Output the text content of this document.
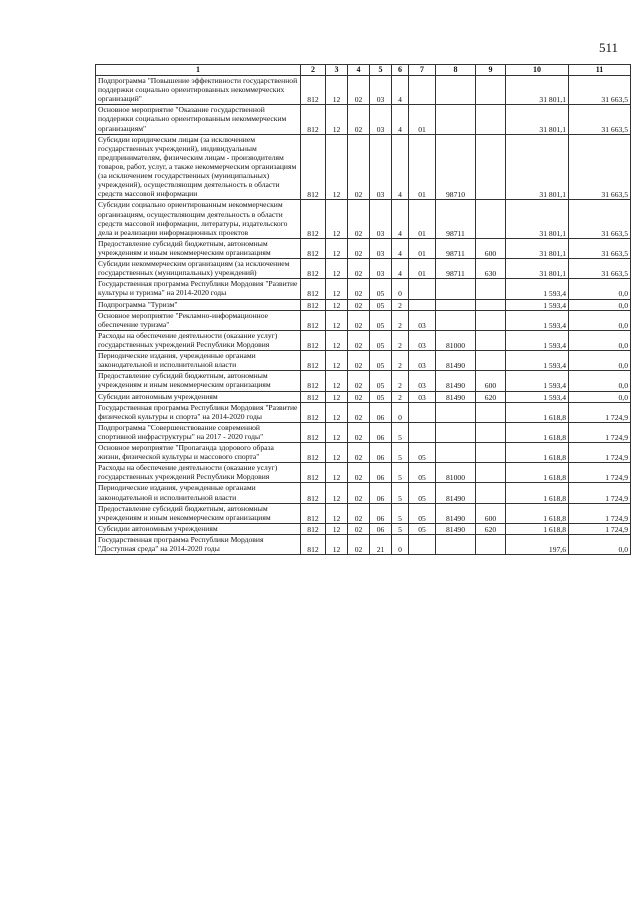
511
1	2	3	4	5	6	7	8	9	10	11
Подпрограмма "Повышение эффективности государственной поддержки социально ориентированных некоммерческих организаций"	812	12	02	03	4				31 801,1	31 663,5
Основное мероприятие "Оказание государственной поддержки социально ориентированным некоммерческим организациям"	812	12	02	03	4	01			31 801,1	31 663,5
Субсидии юридическим лицам (за исключением государственных учреждений), индивидуальным предпринимателям, физическим лицам - производителям товаров, работ, услуг, а также некоммерческим организациям (за исключением государственных (муниципальных) учреждений), осуществляющим деятельность в области средств массовой информации	812	12	02	03	4	01	98710		31 801,1	31 663,5
Субсидии социально ориентированным некоммерческим организациям, осуществляющим деятельность в области средств массовой информации, литературы, издательского дела и реализации информационных проектов	812	12	02	03	4	01	98711		31 801,1	31 663,5
Предоставление субсидий бюджетным, автономным учреждениям и иным некоммерческим организациям	812	12	02	03	4	01	98711	600	31 801,1	31 663,5
Субсидии некоммерческим организациям (за исключением государственных (муниципальных) учреждений)	812	12	02	03	4	01	98711	630	31 801,1	31 663,5
Государственная программа Республики Мордовия "Развитие культуры и туризма" на 2014-2020 годы	812	12	02	05	0				1 593,4	0,0
Подпрограмма "Туризм"	812	12	02	05	2				1 593,4	0,0
Основное мероприятие "Рекламно-информационное обеспечение туризма"	812	12	02	05	2	03			1 593,4	0,0
Расходы на обеспечение деятельности (оказание услуг) государственных учреждений Республики Мордовия	812	12	02	05	2	03	81000		1 593,4	0,0
Периодические издания, учрежденные органами законодательной и исполнительной власти	812	12	02	05	2	03	81490		1 593,4	0,0
Предоставление субсидий бюджетным, автономным учреждениям и иным некоммерческим организациям	812	12	02	05	2	03	81490	600	1 593,4	0,0
Субсидии автономным учреждениям	812	12	02	05	2	03	81490	620	1 593,4	0,0
Государственная программа Республики Мордовия "Развитие физической культуры и спорта" на 2014-2020 годы	812	12	02	06	0				1 618,8	1 724,9
Подпрограмма "Совершенствование современной спортивной инфраструктуры" на 2017 - 2020 годы"	812	12	02	06	5				1 618,8	1 724,9
Основное мероприятие "Пропаганда здорового образа жизни, физической культуры и массового спорта"	812	12	02	06	5	05			1 618,8	1 724,9
Расходы на обеспечение деятельности (оказание услуг) государственных учреждений Республики Мордовия	812	12	02	06	5	05	81000		1 618,8	1 724,9
Периодические издания, учрежденные органами законодательной и исполнительной власти	812	12	02	06	5	05	81490		1 618,8	1 724,9
Предоставление субсидий бюджетным, автономным учреждениям и иным некоммерческим организациям	812	12	02	06	5	05	81490	600	1 618,8	1 724,9
Субсидии автономным учреждениям	812	12	02	06	5	05	81490	620	1 618,8	1 724,9
Государственная программа Республики Мордовия "Доступная среда" на 2014-2020 годы	812	12	02	21	0				197,6	0,0
